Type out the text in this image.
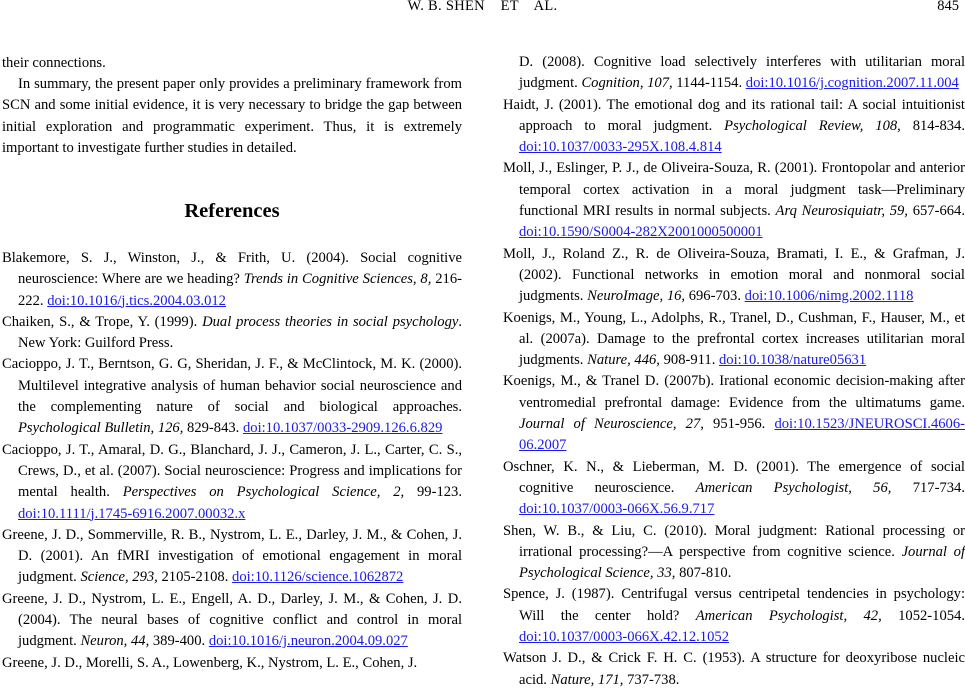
W. B. SHEN    ET    AL.	845

their connections.

In summary, the present paper only provides a preliminary framework from SCN and some initial evidence, it is very necessary to bridge the gap between initial exploration and programmatic experiment. Thus, it is extremely important to investigate further studies in detailed.

References

Blakemore, S. J., Winston, J., & Frith, U. (2004). Social cognitive neuroscience: Where are we heading? Trends in Cognitive Sciences, 8, 216-222. doi:10.1016/j.tics.2004.03.012

Chaiken, S., & Trope, Y. (1999). Dual process theories in social psychology. New York: Guilford Press.

Cacioppo, J. T., Berntson, G. G, Sheridan, J. F., & McClintock, M. K. (2000). Multilevel integrative analysis of human behavior social neuroscience and the complementing nature of social and biological approaches. Psychological Bulletin, 126, 829-843. doi:10.1037/0033-2909.126.6.829

Cacioppo, J. T., Amaral, D. G., Blanchard, J. J., Cameron, J. L., Carter, C. S., Crews, D., et al. (2007). Social neuroscience: Progress and implications for mental health. Perspectives on Psychological Science, 2, 99-123. doi:10.1111/j.1745-6916.2007.00032.x

Greene, J. D., Sommerville, R. B., Nystrom, L. E., Darley, J. M., & Cohen, J. D. (2001). An fMRI investigation of emotional engagement in moral judgment. Science, 293, 2105-2108. doi:10.1126/science.1062872

Greene, J. D., Nystrom, L. E., Engell, A. D., Darley, J. M., & Cohen, J. D. (2004). The neural bases of cognitive conflict and control in moral judgment. Neuron, 44, 389-400. doi:10.1016/j.neuron.2004.09.027

Greene, J. D., Morelli, S. A., Lowenberg, K., Nystrom, L. E., Cohen, J.

D. (2008). Cognitive load selectively interferes with utilitarian moral judgment. Cognition, 107, 1144-1154. doi:10.1016/j.cognition.2007.11.004

Haidt, J. (2001). The emotional dog and its rational tail: A social intuitionist approach to moral judgment. Psychological Review, 108, 814-834. doi:10.1037/0033-295X.108.4.814

Moll, J., Eslinger, P. J., de Oliveira-Souza, R. (2001). Frontopolar and anterior temporal cortex activation in a moral judgment task—Preliminary functional MRI results in normal subjects. Arq Neurosiquiatr, 59, 657-664. doi:10.1590/S0004-282X2001000500001

Moll, J., Roland Z., R. de Oliveira-Souza, Bramati, I. E., & Grafman, J. (2002). Functional networks in emotion moral and nonmoral social judgments. NeuroImage, 16, 696-703. doi:10.1006/nimg.2002.1118

Koenigs, M., Young, L., Adolphs, R., Tranel, D., Cushman, F., Hauser, M., et al. (2007a). Damage to the prefrontal cortex increases utilitarian moral judgments. Nature, 446, 908-911. doi:10.1038/nature05631

Koenigs, M., & Tranel D. (2007b). Irational economic decision-making after ventromedial prefrontal damage: Evidence from the ultimatums game. Journal of Neuroscience, 27, 951-956. doi:10.1523/JNEUROSCI.4606-06.2007

Oschner, K. N., & Lieberman, M. D. (2001). The emergence of social cognitive neuroscience. American Psychologist, 56, 717-734. doi:10.1037/0003-066X.56.9.717

Shen, W. B., & Liu, C. (2010). Moral judgment: Rational processing or irrational processing?—A perspective from cognitive science. Journal of Psychological Science, 33, 807-810.

Spence, J. (1987). Centrifugal versus centripetal tendencies in psychology: Will the center hold? American Psychologist, 42, 1052-1054. doi:10.1037/0003-066X.42.12.1052

Watson J. D., & Crick F. H. C. (1953). A structure for deoxyribose nucleic acid. Nature, 171, 737-738.
